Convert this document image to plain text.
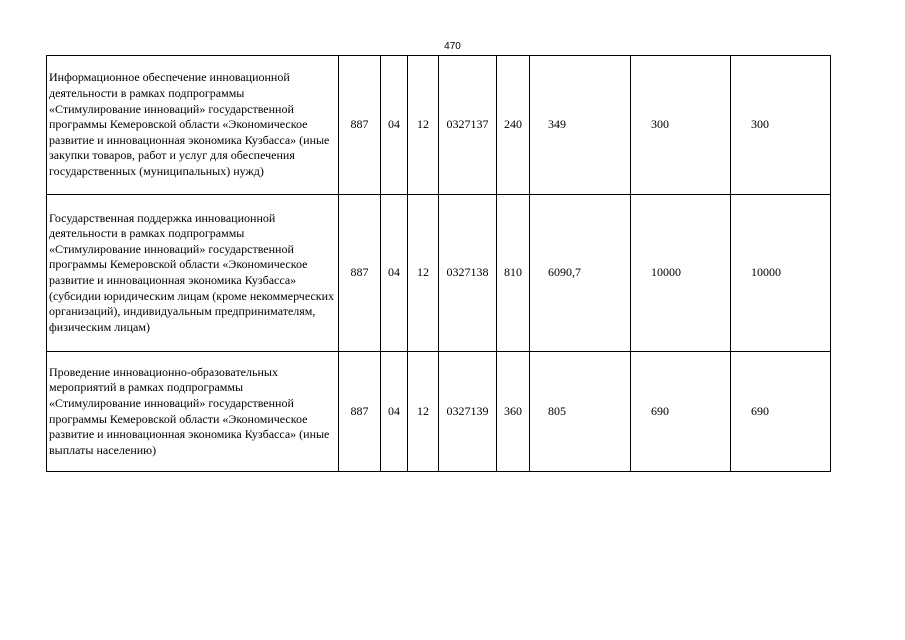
470
Информационное обеспечение инновационной деятельности в рамках подпрограммы «Стимулирование инноваций» государственной программы Кемеровской области «Экономическое развитие и инновационная экономика Кузбасса» (иные закупки товаров, работ и услуг для обеспечения государственных (муниципальных) нужд)	887	04	12	0327137	240	349	300	300
Государственная поддержка инновационной деятельности в рамках подпрограммы «Стимулирование инноваций» государственной программы Кемеровской области «Экономическое развитие и инновационная экономика Кузбасса» (субсидии юридическим лицам (кроме некоммерческих организаций), индивидуальным предпринимателям, физическим лицам)	887	04	12	0327138	810	6090,7	10000	10000
Проведение инновационно-образовательных мероприятий в рамках подпрограммы «Стимулирование инноваций» государственной программы Кемеровской области «Экономическое развитие и инновационная экономика Кузбасса» (иные выплаты населению)	887	04	12	0327139	360	805	690	690
